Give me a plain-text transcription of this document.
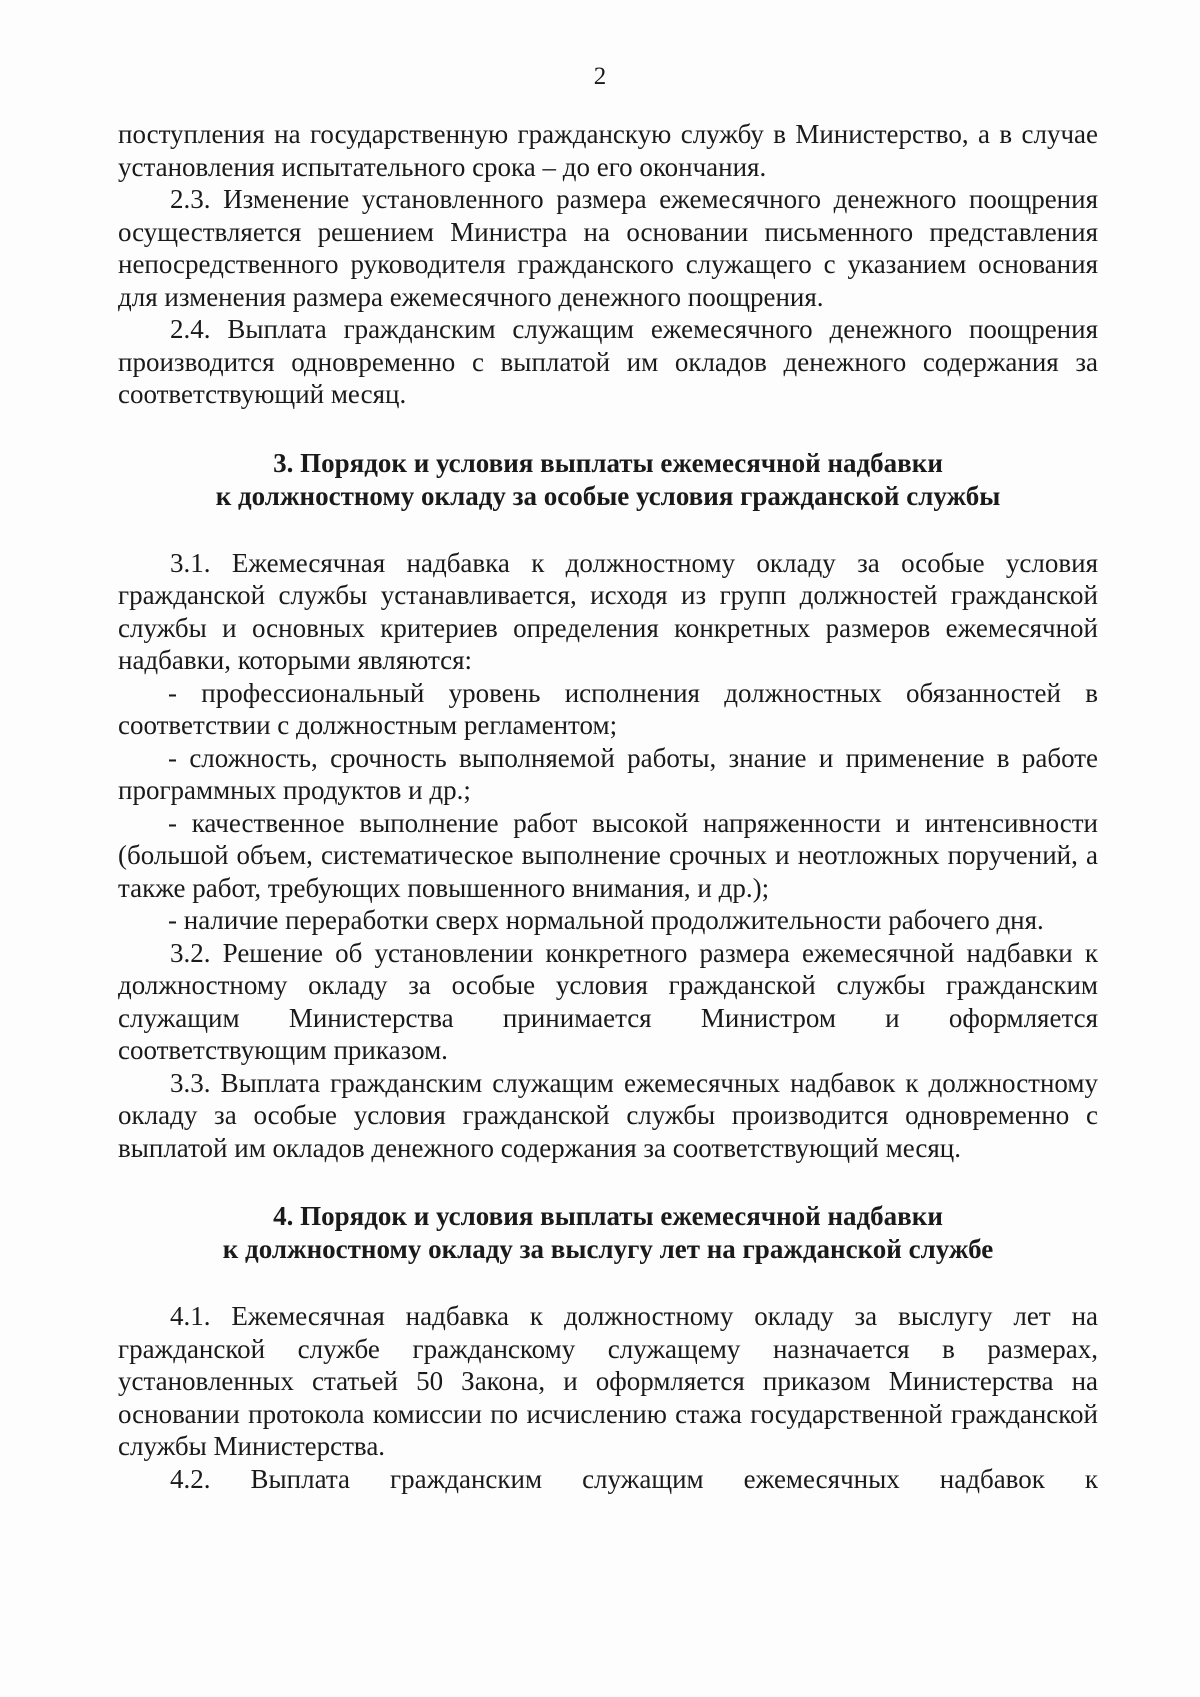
2

поступления на государственную гражданскую службу в Министерство, а в случае установления испытательного срока – до его окончания.

2.3. Изменение установленного размера ежемесячного денежного поощрения осуществляется решением Министра на основании письменного представления непосредственного руководителя гражданского служащего с указанием основания для изменения размера ежемесячного денежного поощрения.

2.4. Выплата гражданским служащим ежемесячного денежного поощрения производится одновременно с выплатой им окладов денежного содержания за соответствующий месяц.

3. Порядок и условия выплаты ежемесячной надбавки

к должностному окладу за особые условия гражданской службы

3.1. Ежемесячная надбавка к должностному окладу за особые условия гражданской службы устанавливается, исходя из групп должностей гражданской службы и основных критериев определения конкретных размеров ежемесячной надбавки, которыми являются:

- профессиональный уровень исполнения должностных обязанностей в соответствии с должностным регламентом;

- сложность, срочность выполняемой работы, знание и применение в работе программных продуктов и др.;

- качественное выполнение работ высокой напряженности и интенсивности (большой объем, систематическое выполнение срочных и неотложных поручений, а также работ, требующих повышенного внимания, и др.);

- наличие переработки сверх нормальной продолжительности рабочего дня.

3.2. Решение об установлении конкретного размера ежемесячной надбавки к должностному окладу за особые условия гражданской службы гражданским служащим Министерства принимается Министром и оформляется соответствующим приказом.

3.3. Выплата гражданским служащим ежемесячных надбавок к должностному окладу за особые условия гражданской службы производится одновременно с выплатой им окладов денежного содержания за соответствующий месяц.

4. Порядок и условия выплаты ежемесячной надбавки

к должностному окладу за выслугу лет на гражданской службе

4.1. Ежемесячная надбавка к должностному окладу за выслугу лет на гражданской службе гражданскому служащему назначается в размерах, установленных статьей 50 Закона, и оформляется приказом Министерства на основании протокола комиссии по исчислению стажа государственной гражданской службы Министерства.

4.2. Выплата гражданским служащим ежемесячных надбавок к
